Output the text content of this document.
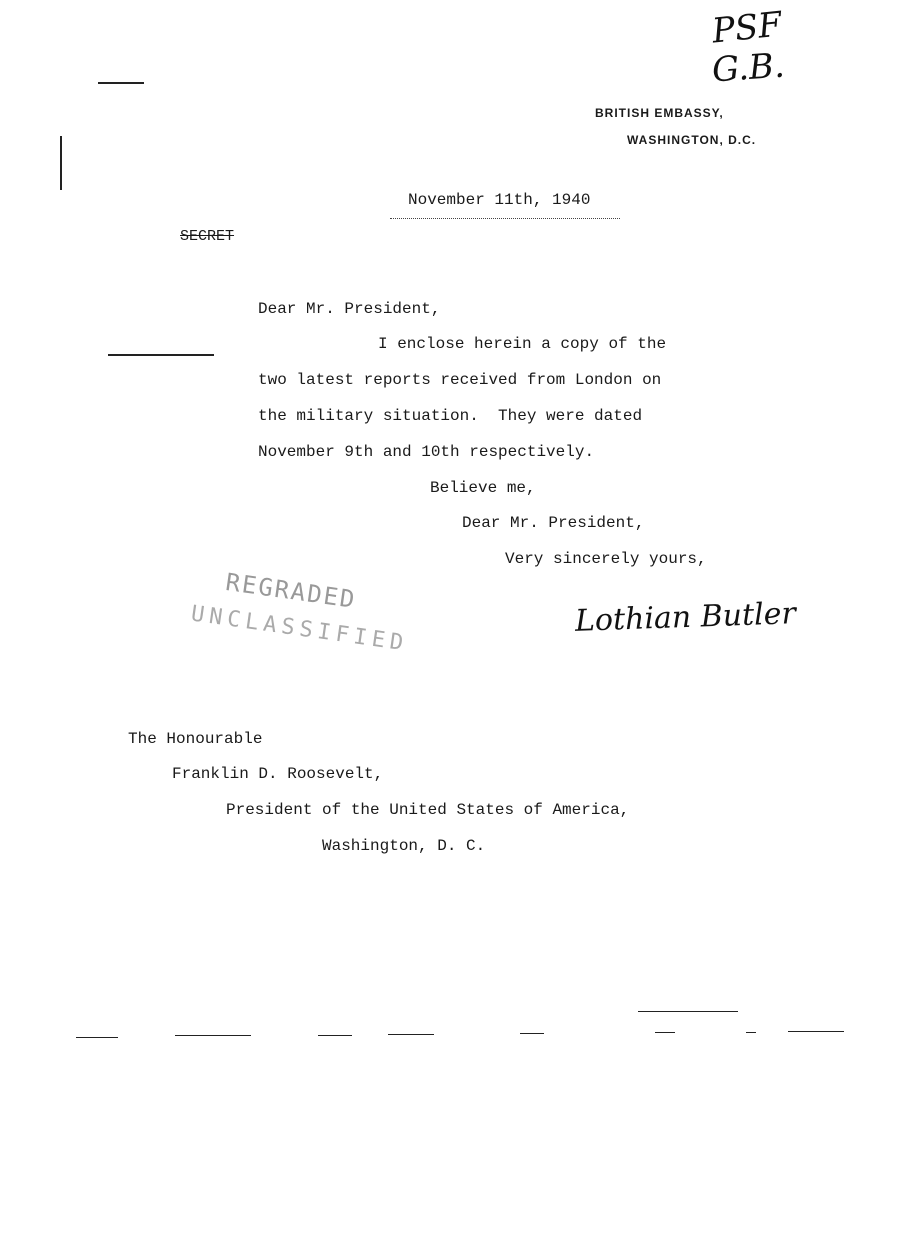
PSF
G.B.
BRITISH EMBASSY,
WASHINGTON, D.C.
November 11th, 1940
SECRET
Dear Mr. President,
I enclose herein a copy of the
two latest reports received from London on
the military situation.  They were dated
November 9th and 10th respectively.
Believe me,
Dear Mr. President,
Very sincerely yours,
Lothian Butler
REGRADED
UNCLASSIFIED
The Honourable
Franklin D. Roosevelt,
President of the United States of America,
Washington, D. C.
